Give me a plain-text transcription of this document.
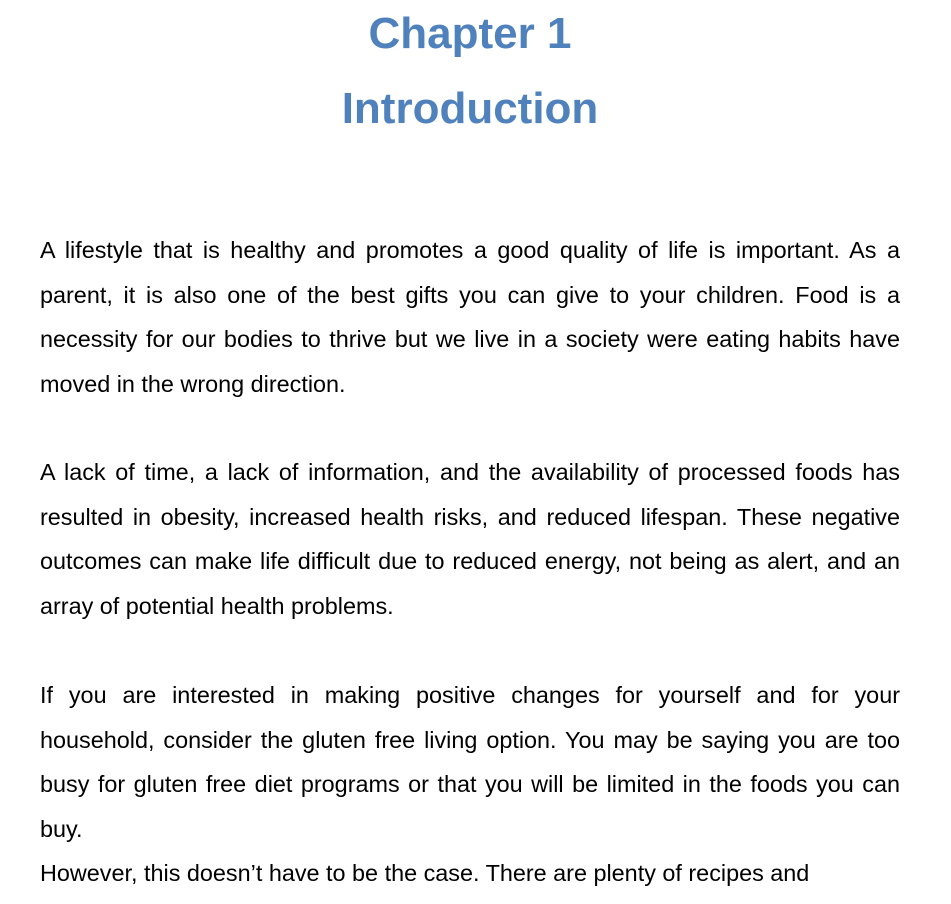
Chapter 1
Introduction

A lifestyle that is healthy and promotes a good quality of life is important. As a parent, it is also one of the best gifts you can give to your children. Food is a necessity for our bodies to thrive but we live in a society were eating habits have moved in the wrong direction.

A lack of time, a lack of information, and the availability of processed foods has resulted in obesity, increased health risks, and reduced lifespan. These negative outcomes can make life difficult due to reduced energy, not being as alert, and an array of potential health problems.

If you are interested in making positive changes for yourself and for your household, consider the gluten free living option. You may be saying you are too busy for gluten free diet programs or that you will be limited in the foods you can buy.

However, this doesn’t have to be the case. There are plenty of recipes and
